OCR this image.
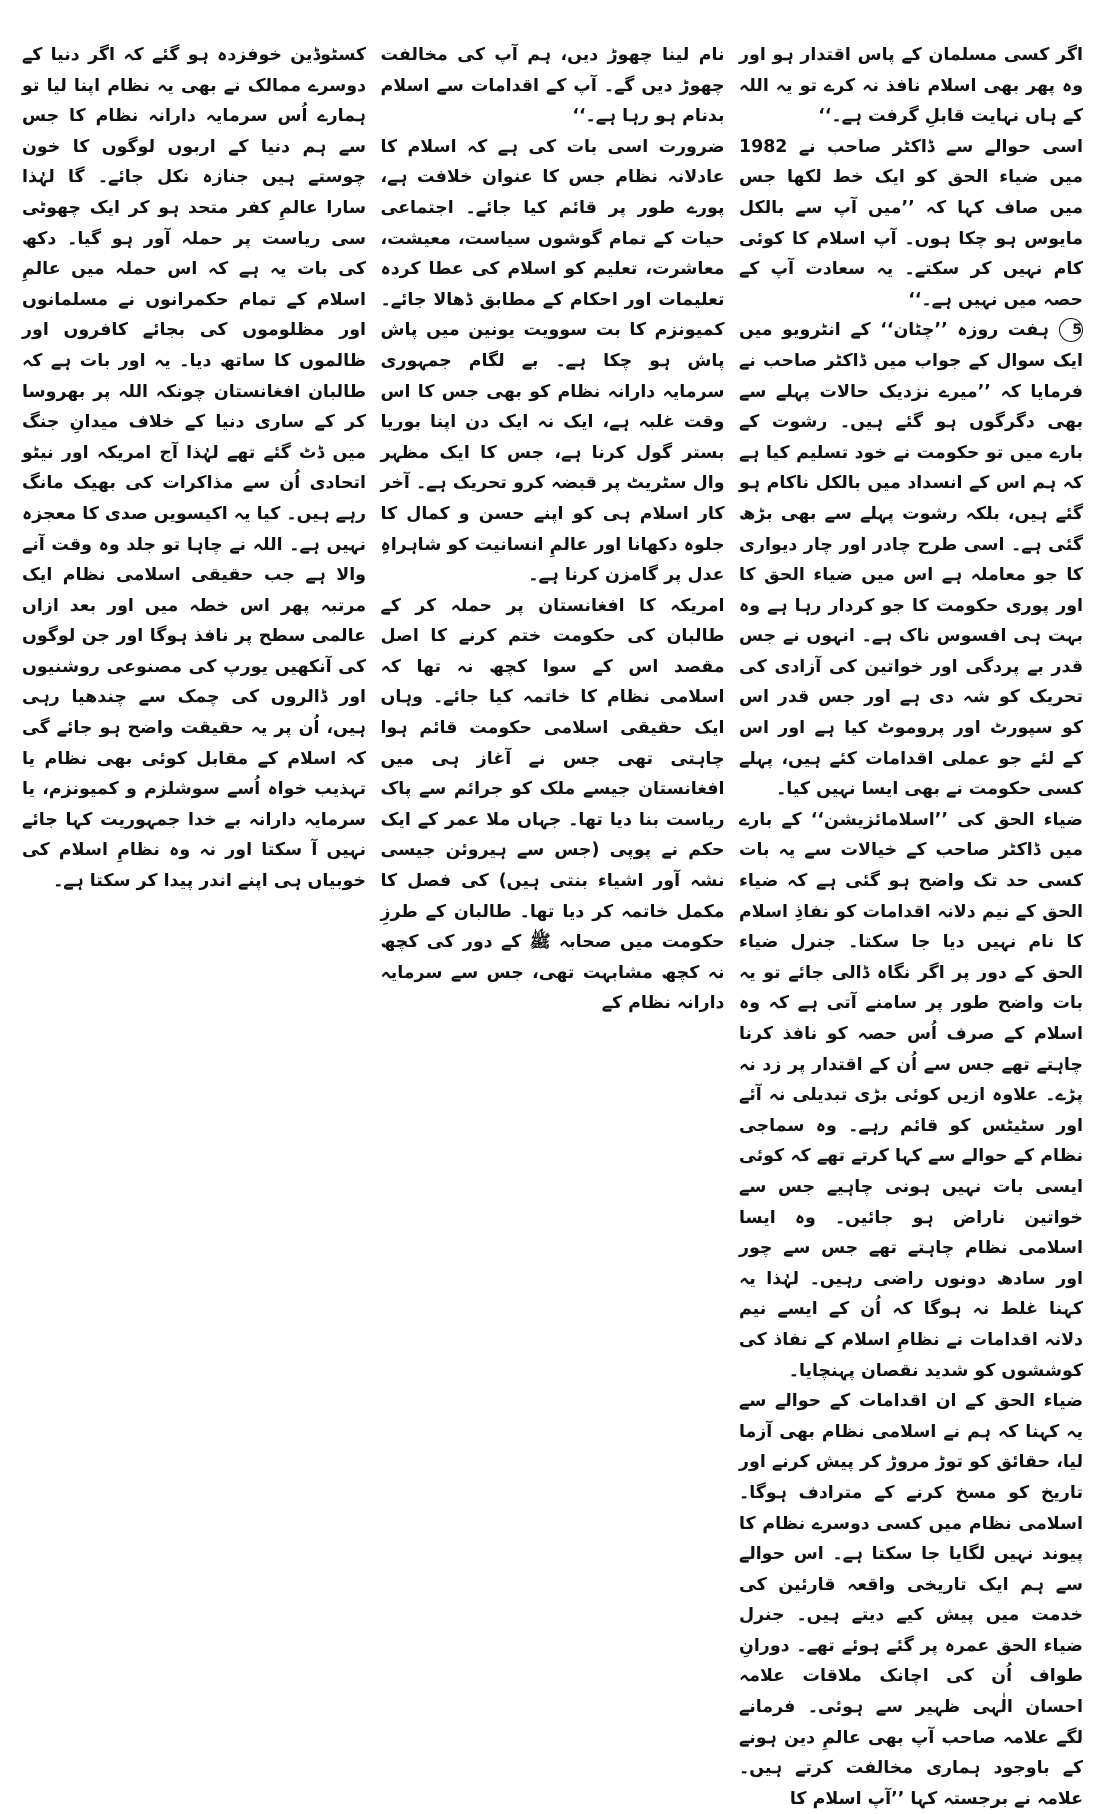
اگر کسی مسلمان کے پاس اقتدار ہو اور وہ پھر بھی اسلام نافذ نہ کرے تو یہ اللہ کے ہاں نہایت قابلِ گرفت ہے۔‘‘

اسی حوالے سے ڈاکٹر صاحب نے 1982 میں ضیاء الحق کو ایک خط لکھا جس میں صاف کہا کہ ’’میں آپ سے بالکل مایوس ہو چکا ہوں۔ آپ اسلام کا کوئی کام نہیں کر سکتے۔ یہ سعادت آپ کے حصہ میں نہیں ہے۔‘‘

5ہفت روزہ ’’چٹان‘‘ کے انٹرویو میں ایک سوال کے جواب میں ڈاکٹر صاحب نے فرمایا کہ ’’میرے نزدیک حالات پہلے سے بھی دگرگوں ہو گئے ہیں۔ رشوت کے بارے میں تو حکومت نے خود تسلیم کیا ہے کہ ہم اس کے انسداد میں بالکل ناکام ہو گئے ہیں، بلکہ رشوت پہلے سے بھی بڑھ گئی ہے۔ اسی طرح چادر اور چار دیواری کا جو معاملہ ہے اس میں ضیاء الحق کا اور پوری حکومت کا جو کردار رہا ہے وہ بہت ہی افسوس ناک ہے۔ انہوں نے جس قدر بے پردگی اور خواتین کی آزادی کی تحریک کو شہ دی ہے اور جس قدر اس کو سپورٹ اور پروموٹ کیا ہے اور اس کے لئے جو عملی اقدامات کئے ہیں، پہلے کسی حکومت نے بھی ایسا نہیں کیا۔

ضیاء الحق کی ’’اسلامائزیشن‘‘ کے بارے میں ڈاکٹر صاحب کے خیالات سے یہ بات کسی حد تک واضح ہو گئی ہے کہ ضیاء الحق کے نیم دلانہ اقدامات کو نفاذِ اسلام کا نام نہیں دیا جا سکتا۔ جنرل ضیاء الحق کے دور پر اگر نگاہ ڈالی جائے تو یہ بات واضح طور پر سامنے آتی ہے کہ وہ اسلام کے صرف اُس حصہ کو نافذ کرنا چاہتے تھے جس سے اُن کے اقتدار پر زد نہ پڑے۔ علاوہ ازیں کوئی بڑی تبدیلی نہ آئے اور سٹیٹس کو قائم رہے۔ وہ سماجی نظام کے حوالے سے کہا کرتے تھے کہ کوئی ایسی بات نہیں ہونی چاہیے جس سے خواتین ناراض ہو جائیں۔ وہ ایسا اسلامی نظام چاہتے تھے جس سے چور اور سادھ دونوں راضی رہیں۔ لہٰذا یہ کہنا غلط نہ ہوگا کہ اُن کے ایسے نیم دلانہ اقدامات نے نظامِ اسلام کے نفاذ کی کوششوں کو شدید نقصان پہنچایا۔

ضیاء الحق کے ان اقدامات کے حوالے سے یہ کہنا کہ ہم نے اسلامی نظام بھی آزما لیا، حقائق کو توڑ مروڑ کر پیش کرنے اور تاریخ کو مسخ کرنے کے مترادف ہوگا۔ اسلامی نظام میں کسی دوسرے نظام کا پیوند نہیں لگایا جا سکتا ہے۔ اس حوالے سے ہم ایک تاریخی واقعہ قارئین کی خدمت میں پیش کیے دیتے ہیں۔ جنرل ضیاء الحق عمرہ پر گئے ہوئے تھے۔ دورانِ طواف اُن کی اچانک ملاقات علامہ احسان الٰہی ظہیر سے ہوئی۔ فرمانے لگے علامہ صاحب آپ بھی عالمِ دین ہونے کے باوجود ہماری مخالفت کرتے ہیں۔ علامہ نے برجستہ کہا ’’آپ اسلام کا

نام لینا چھوڑ دیں، ہم آپ کی مخالفت چھوڑ دیں گے۔ آپ کے اقدامات سے اسلام بدنام ہو رہا ہے۔‘‘

ضرورت اسی بات کی ہے کہ اسلام کا عادلانہ نظام جس کا عنوان خلافت ہے، پورے طور پر قائم کیا جائے۔ اجتماعی حیات کے تمام گوشوں سیاست، معیشت، معاشرت، تعلیم کو اسلام کی عطا کردہ تعلیمات اور احکام کے مطابق ڈھالا جائے۔ کمیونزم کا بت سوویت یونین میں پاش پاش ہو چکا ہے۔ بے لگام جمہوری سرمایہ دارانہ نظام کو بھی جس کا اس وقت غلبہ ہے، ایک نہ ایک دن اپنا بوریا بستر گول کرنا ہے، جس کا ایک مظہر وال سٹریٹ پر قبضہ کرو تحریک ہے۔ آخر کار اسلام ہی کو اپنے حسن و کمال کا جلوہ دکھانا اور عالمِ انسانیت کو شاہراہِ عدل پر گامزن کرنا ہے۔

امریکہ کا افغانستان پر حملہ کر کے طالبان کی حکومت ختم کرنے کا اصل مقصد اس کے سوا کچھ نہ تھا کہ اسلامی نظام کا خاتمہ کیا جائے۔ وہاں ایک حقیقی اسلامی حکومت قائم ہوا چاہتی تھی جس نے آغاز ہی میں افغانستان جیسے ملک کو جرائم سے پاک ریاست بنا دیا تھا۔ جہاں ملا عمر کے ایک حکم نے پوپی (جس سے ہیروئن جیسی نشہ آور اشیاء بنتی ہیں) کی فصل کا مکمل خاتمہ کر دیا تھا۔ طالبان کے طرزِ حکومت میں صحابہ ﷺ کے دور کی کچھ نہ کچھ مشابہت تھی، جس سے سرمایہ دارانہ نظام کے

کسٹوڈین خوفزدہ ہو گئے کہ اگر دنیا کے دوسرے ممالک نے بھی یہ نظام اپنا لیا تو ہمارے اُس سرمایہ دارانہ نظام کا جس سے ہم دنیا کے اربوں لوگوں کا خون چوستے ہیں جنازہ نکل جائے۔ گا لہٰذا سارا عالمِ کفر متحد ہو کر ایک چھوٹی سی ریاست پر حملہ آور ہو گیا۔ دکھ کی بات یہ ہے کہ اس حملہ میں عالمِ اسلام کے تمام حکمرانوں نے مسلمانوں اور مظلوموں کی بجائے کافروں اور ظالموں کا ساتھ دیا۔ یہ اور بات ہے کہ طالبان افغانستان چونکہ اللہ پر بھروسا کر کے ساری دنیا کے خلاف میدانِ جنگ میں ڈٹ گئے تھے لہٰذا آج امریکہ اور نیٹو اتحادی اُن سے مذاکرات کی بھیک مانگ رہے ہیں۔ کیا یہ اکیسویں صدی کا معجزہ نہیں ہے۔ اللہ نے چاہا تو جلد وہ وقت آنے والا ہے جب حقیقی اسلامی نظام ایک مرتبہ پھر اس خطہ میں اور بعد ازاں عالمی سطح پر نافذ ہوگا اور جن لوگوں کی آنکھیں یورپ کی مصنوعی روشنیوں اور ڈالروں کی چمک سے چندھیا رہی ہیں، اُن پر یہ حقیقت واضح ہو جائے گی کہ اسلام کے مقابل کوئی بھی نظام یا تہذیب خواہ اُسے سوشلزم و کمیونزم، یا سرمایہ دارانہ بے خدا جمہوریت کہا جائے نہیں آ سکتا اور نہ وہ نظامِ اسلام کی خوبیاں ہی اپنے اندر پیدا کر سکتا ہے۔
